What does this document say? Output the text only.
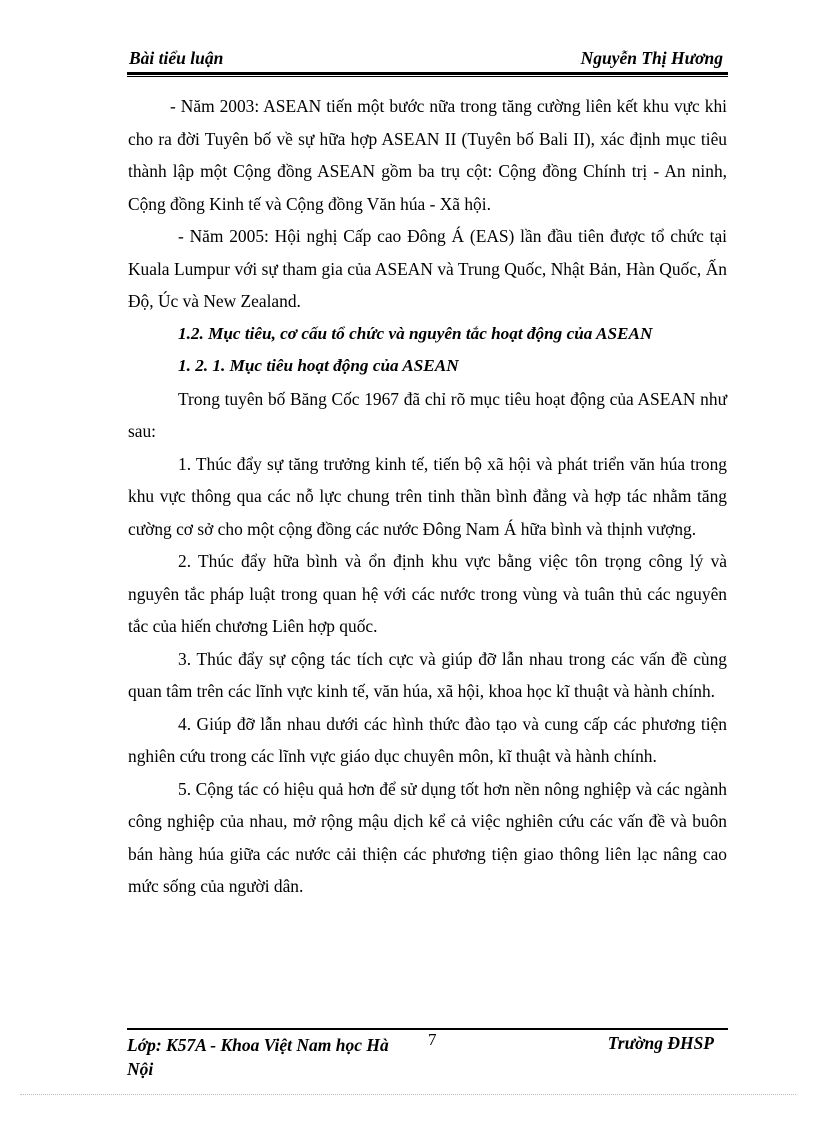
Bài tiểu luận	Nguyễn Thị Hương

- Năm 2003: ASEAN tiến một bước nữa trong tăng cường liên kết khu vực khi cho ra đời Tuyên bố về sự hữa hợp ASEAN II (Tuyên bố Bali II), xác định mục tiêu thành lập một Cộng đồng ASEAN gồm ba trụ cột: Cộng đồng Chính trị - An ninh, Cộng đồng Kinh tế và Cộng đồng Văn húa - Xã hội.

- Năm 2005: Hội nghị Cấp cao Đông Á (EAS) lần đầu tiên được tổ chức tại Kuala Lumpur với sự tham gia của ASEAN và Trung Quốc, Nhật Bản, Hàn Quốc, Ấn Độ, Úc và New Zealand.

1.2. Mục tiêu, cơ cấu tổ chức và nguyên tắc hoạt động của ASEAN

1. 2. 1. Mục tiêu hoạt động của ASEAN

Trong tuyên bố Băng Cốc 1967 đã chỉ rõ mục tiêu hoạt động của ASEAN như sau:

1. Thúc đẩy sự tăng trưởng kinh tế, tiến bộ xã hội và phát triển văn húa trong khu vực thông qua các nỗ lực chung trên tinh thần bình đẳng và hợp tác nhằm tăng cường cơ sở cho một cộng đồng các nước Đông Nam Á hữa bình và thịnh vượng.

2. Thúc đẩy hữa bình và ổn định khu vực bằng việc tôn trọng công lý và nguyên tắc pháp luật trong quan hệ với các nước trong vùng và tuân thủ các nguyên tắc của hiến chương Liên hợp quốc.

3. Thúc đẩy sự cộng tác tích cực và giúp đỡ lẫn nhau trong các vấn đề cùng quan tâm trên các lĩnh vực kinh tế, văn húa, xã hội, khoa học kĩ thuật và hành chính.

4. Giúp đỡ lẫn nhau dưới các hình thức đào tạo và cung cấp các phương tiện nghiên cứu trong các lĩnh vực giáo dục chuyên môn, kĩ thuật và hành chính.

5. Cộng tác có hiệu quả hơn để sử dụng tốt hơn nền nông nghiệp và các ngành công nghiệp của nhau, mở rộng mậu dịch kể cả việc nghiên cứu các vấn đề và buôn bán hàng húa giữa các nước cải thiện các phương tiện giao thông liên lạc nâng cao mức sống của người dân.

Lớp: K57A - Khoa Việt Nam học Hà Nội
7	Trường ĐHSP
